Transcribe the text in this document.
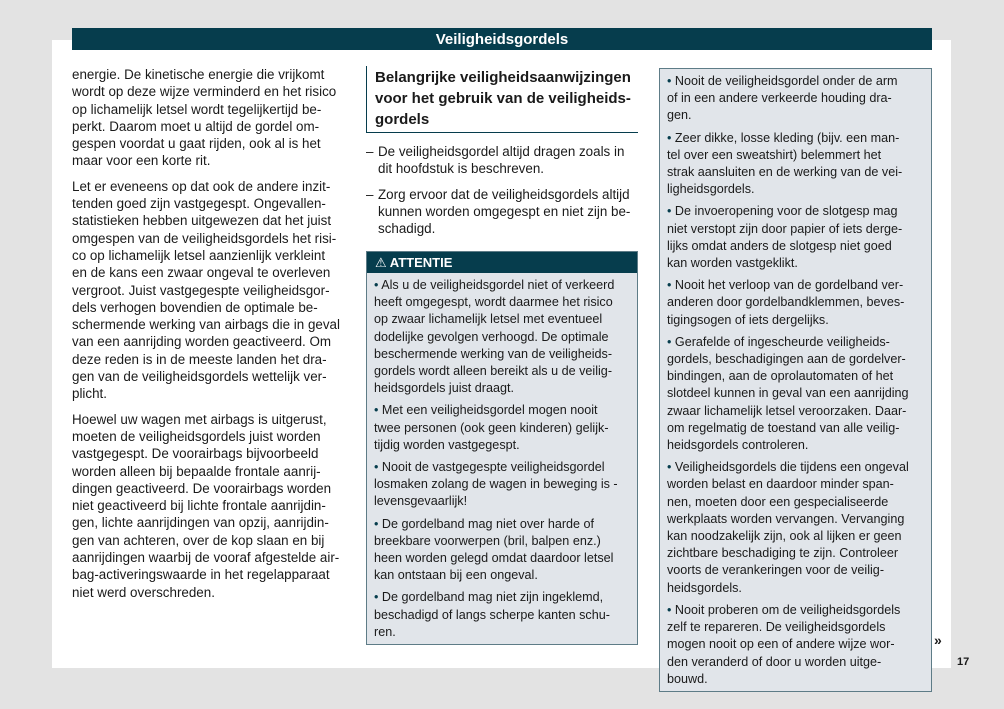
Veiligheidsgordels
energie. De kinetische energie die vrijkomt
wordt op deze wijze verminderd en het risico
op lichamelijk letsel wordt tegelijkertijd be-
perkt. Daarom moet u altijd de gordel om-
gespen voordat u gaat rijden, ook al is het
maar voor een korte rit.
Let er eveneens op dat ook de andere inzit-
tenden goed zijn vastgegespt. Ongevallen-
statistieken hebben uitgewezen dat het juist
omgespen van de veiligheidsgordels het risi-
co op lichamelijk letsel aanzienlijk verkleint
en de kans een zwaar ongeval te overleven
vergroot. Juist vastgegespte veiligheidsgor-
dels verhogen bovendien de optimale be-
schermende werking van airbags die in geval
van een aanrijding worden geactiveerd. Om
deze reden is in de meeste landen het dra-
gen van de veiligheidsgordels wettelijk ver-
plicht.
Hoewel uw wagen met airbags is uitgerust,
moeten de veiligheidsgordels juist worden
vastgegespt. De voorairbags bijvoorbeeld
worden alleen bij bepaalde frontale aanrij-
dingen geactiveerd. De voorairbags worden
niet geactiveerd bij lichte frontale aanrijdin-
gen, lichte aanrijdingen van opzij, aanrijdin-
gen van achteren, over de kop slaan en bij
aanrijdingen waarbij de vooraf afgestelde air-
bag-activeringswaarde in het regelapparaat
niet werd overschreden.
Belangrijke veiligheidsaanwijzingen
voor het gebruik van de veiligheids-
gordels
– De veiligheidsgordel altijd dragen zoals in
dit hoofdstuk is beschreven.
– Zorg ervoor dat de veiligheidsgordels altijd
kunnen worden omgegespt en niet zijn be-
schadigd.
⚠ ATTENTIE
• Als u de veiligheidsgordel niet of verkeerd
heeft omgegespt, wordt daarmee het risico
op zwaar lichamelijk letsel met eventueel
dodelijke gevolgen verhoogd. De optimale
beschermende werking van de veiligheids-
gordels wordt alleen bereikt als u de veilig-
heidsgordels juist draagt.
• Met een veiligheidsgordel mogen nooit
twee personen (ook geen kinderen) gelijk-
tijdig worden vastgegespt.
• Nooit de vastgegespte veiligheidsgordel
losmaken zolang de wagen in beweging is -
levensgevaarlijk!
• De gordelband mag niet over harde of
breekbare voorwerpen (bril, balpen enz.)
heen worden gelegd omdat daardoor letsel
kan ontstaan bij een ongeval.
• De gordelband mag niet zijn ingeklemd,
beschadigd of langs scherpe kanten schu-
ren.
• Nooit de veiligheidsgordel onder de arm
of in een andere verkeerde houding dra-
gen.
• Zeer dikke, losse kleding (bijv. een man-
tel over een sweatshirt) belemmert het
strak aansluiten en de werking van de vei-
ligheidsgordels.
• De invoeropening voor de slotgesp mag
niet verstopt zijn door papier of iets derge-
lijks omdat anders de slotgesp niet goed
kan worden vastgeklikt.
• Nooit het verloop van de gordelband ver-
anderen door gordelbandklemmen, beves-
tigingsogen of iets dergelijks.
• Gerafelde of ingescheurde veiligheids-
gordels, beschadigingen aan de gordelver-
bindingen, aan de oprolautomaten of het
slotdeel kunnen in geval van een aanrijding
zwaar lichamelijk letsel veroorzaken. Daar-
om regelmatig de toestand van alle veilig-
heidsgordels controleren.
• Veiligheidsgordels die tijdens een ongeval
worden belast en daardoor minder span-
nen, moeten door een gespecialiseerde
werkplaats worden vervangen. Vervanging
kan noodzakelijk zijn, ook al lijken er geen
zichtbare beschadiging te zijn. Controleer
voorts de verankeringen voor de veilig-
heidsgordels.
• Nooit proberen om de veiligheidsgordels
zelf te repareren. De veiligheidsgordels
mogen nooit op een of andere wijze wor-
den veranderd of door u worden uitge-
bouwd.
»
17
